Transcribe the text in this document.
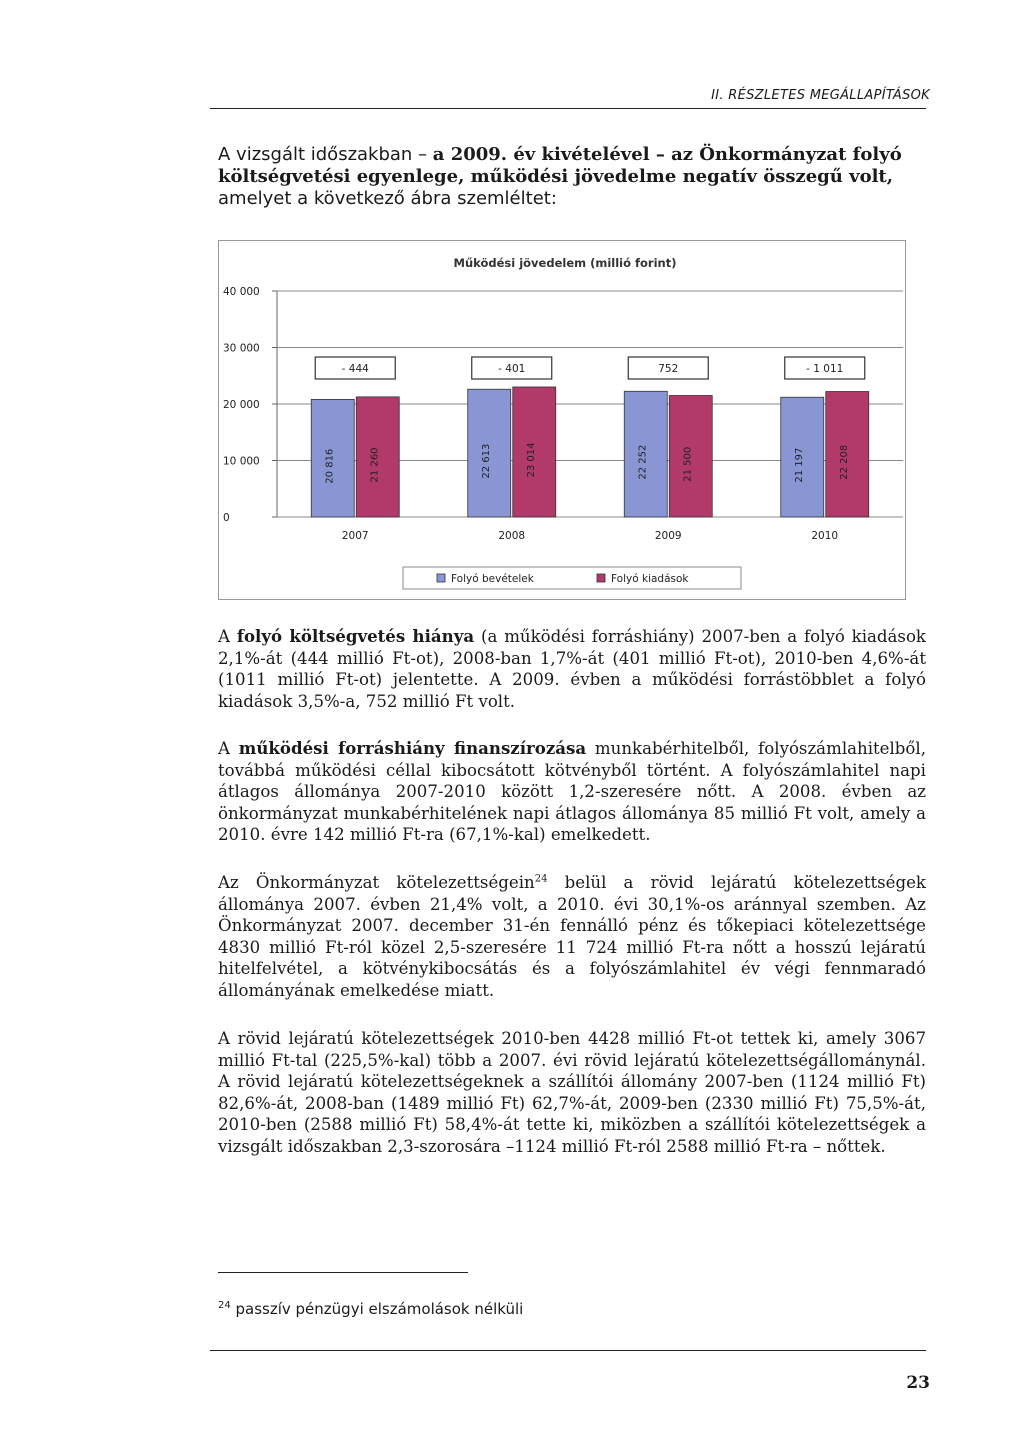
II. RÉSZLETES MEGÁLLAPÍTÁSOK
A vizsgált időszakban – a 2009. év kivételével – az Önkormányzat folyó költségvetési egyenlege, működési jövedelme negatív összegű volt, amelyet a következő ábra szemléltet:
Működési jövedelem (millió forint)
0
10 000
20 000
30 000
40 000
20 816	21 260
- 444
2007
22 613	23 014
- 401
2008
22 252	21 500
752
2009
21 197	22 208
- 1 011
2010
Folyó bevételek	Folyó kiadások
A folyó költségvetés hiánya (a működési forráshiány) 2007-ben a folyó kiadások 2,1%-át (444 millió Ft-ot), 2008-ban 1,7%-át (401 millió Ft-ot), 2010-ben 4,6%-át (1011 millió Ft-ot) jelentette. A 2009. évben a működési forrástöbblet a folyó kiadások 3,5%-a, 752 millió Ft volt.
A működési forráshiány finanszírozása munkabérhitelből, folyószámlahitelből, továbbá működési céllal kibocsátott kötvényből történt. A folyószámlahitel napi átlagos állománya 2007-2010 között 1,2-szeresére nőtt. A 2008. évben az önkormányzat munkabérhitelének napi átlagos állománya 85 millió Ft volt, amely a 2010. évre 142 millió Ft-ra (67,1%-kal) emelkedett.
Az Önkormányzat kötelezettségein$^{24}$ belül a rövid lejáratú kötelezettségek állománya 2007. évben 21,4% volt, a 2010. évi 30,1%-os aránnyal szemben. Az Önkormányzat 2007. december 31-én fennálló pénz és tőkepiaci kötelezettsége 4830 millió Ft-ról közel 2,5-szeresére 11 724 millió Ft-ra nőtt a hosszú lejáratú hitelfelvétel, a kötvénykibocsátás és a folyószámlahitel év végi fennmaradó állományának emelkedése miatt.
A rövid lejáratú kötelezettségek 2010-ben 4428 millió Ft-ot tettek ki, amely 3067 millió Ft-tal (225,5%-kal) több a 2007. évi rövid lejáratú kötelezettségállománynál. A rövid lejáratú kötelezettségeknek a szállítói állomány 2007-ben (1124 millió Ft) 82,6%-át, 2008-ban (1489 millió Ft) 62,7%-át, 2009-ben (2330 millió Ft) 75,5%-át, 2010-ben (2588 millió Ft) 58,4%-át tette ki, miközben a szállítói kötelezettségek a vizsgált időszakban 2,3-szorosára –1124 millió Ft-ról 2588 millió Ft-ra – nőttek.
$^{24}$ passzív pénzügyi elszámolások nélküli
23
